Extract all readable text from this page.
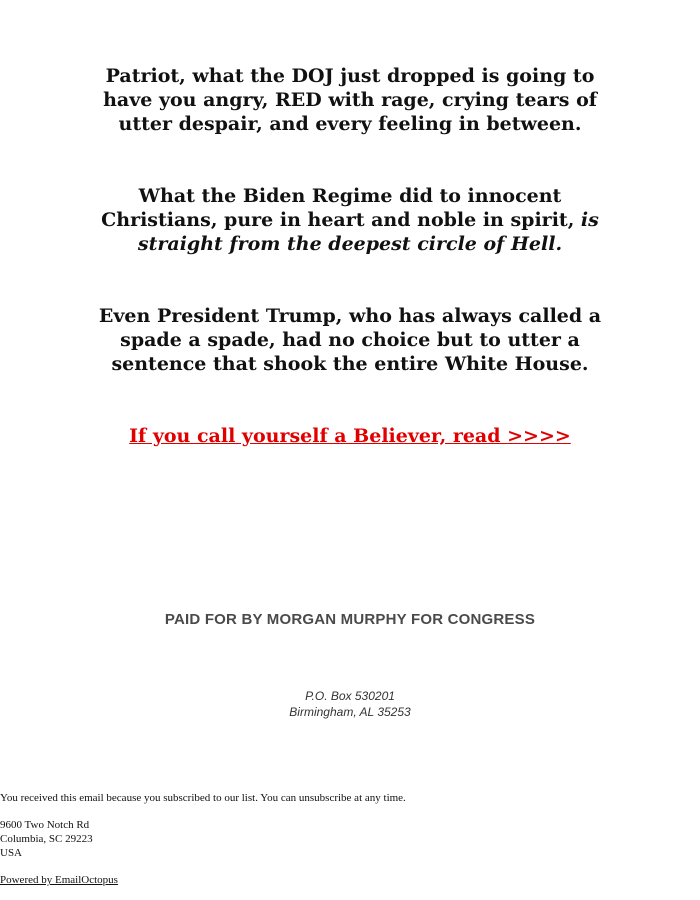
Patriot, what the DOJ just dropped is going to have you angry, RED with rage, crying tears of utter despair, and every feeling in between.
What the Biden Regime did to innocent Christians, pure in heart and noble in spirit, is straight from the deepest circle of Hell.
Even President Trump, who has always called a spade a spade, had no choice but to utter a sentence that shook the entire White House.
If you call yourself a Believer, read >>>>
PAID FOR BY MORGAN MURPHY FOR CONGRESS
P.O. Box 530201
Birmingham, AL 35253
You received this email because you subscribed to our list. You can unsubscribe at any time.
9600 Two Notch Rd
Columbia, SC 29223
USA
Powered by EmailOctopus
